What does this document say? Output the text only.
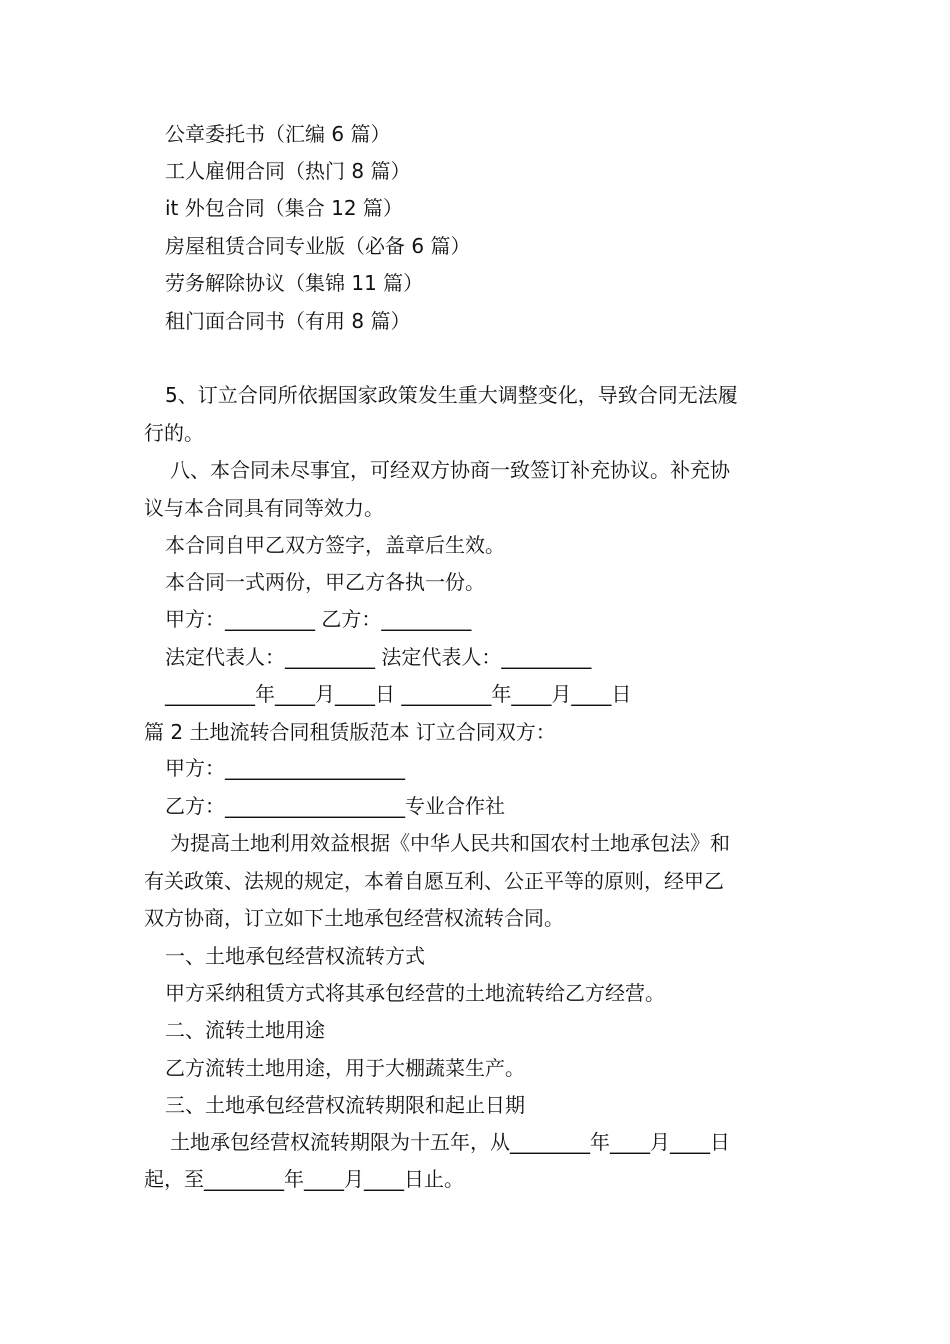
公章委托书（汇编 6 篇）
工人雇佣合同（热门 8 篇）
it 外包合同（集合 12 篇）
房屋租赁合同专业版（必备 6 篇）
劳务解除协议（集锦 11 篇）
租门面合同书（有用 8 篇）
5、订立合同所依据国家政策发生重大调整变化，导致合同无法履
行的。
八、本合同未尽事宜，可经双方协商一致签订补充协议。补充协
议与本合同具有同等效力。
本合同自甲乙双方签字，盖章后生效。
本合同一式两份，甲乙方各执一份。
甲方：_________ 乙方：_________
法定代表人：_________ 法定代表人：_________
_________年____月____日 _________年____月____日
篇 2 土地流转合同租赁版范本 订立合同双方：
甲方：__________________
乙方：__________________专业合作社
为提高土地利用效益根据《中华人民共和国农村土地承包法》和
有关政策、法规的规定，本着自愿互利、公正平等的原则，经甲乙
双方协商，订立如下土地承包经营权流转合同。
一、土地承包经营权流转方式
甲方采纳租赁方式将其承包经营的土地流转给乙方经营。
二、流转土地用途
乙方流转土地用途，用于大棚蔬菜生产。
三、土地承包经营权流转期限和起止日期
土地承包经营权流转期限为十五年，从________年____月____日
起，至________年____月____日止。
